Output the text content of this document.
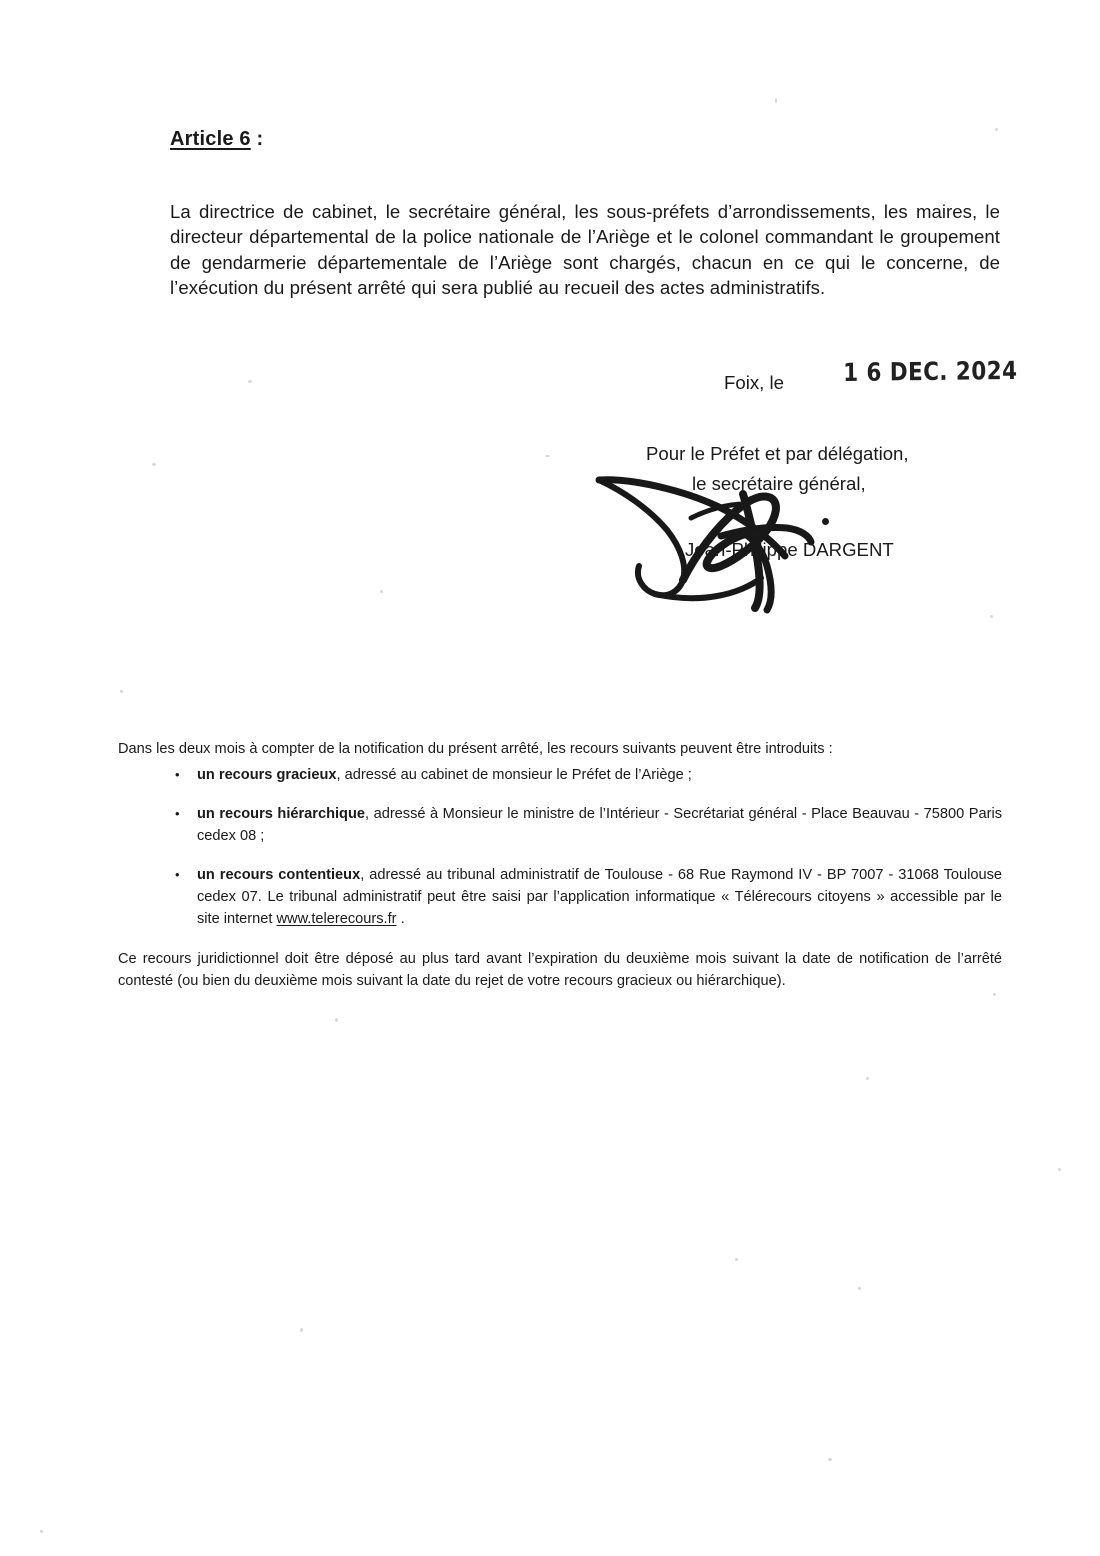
Article 6 :

La directrice de cabinet, le secrétaire général, les sous-préfets d’arrondissements, les maires, le directeur départemental de la police nationale de l’Ariège et le colonel commandant le groupement de gendarmerie départementale de l’Ariège sont chargés, chacun en ce qui le concerne, de l’exécution du présent arrêté qui sera publié au recueil des actes administratifs.

Foix, le 1 6 DEC. 2024
Pour le Préfet et par délégation,
le secrétaire général,
Jean-Philippe DARGENT
Dans les deux mois à compter de la notification du présent arrêté, les recours suivants peuvent être introduits :
• un recours gracieux, adressé au cabinet de monsieur le Préfet de l’Ariège ;
• un recours hiérarchique, adressé à Monsieur le ministre de l’Intérieur - Secrétariat général - Place Beauvau - 75800 Paris cedex 08 ;
• un recours contentieux, adressé au tribunal administratif de Toulouse - 68 Rue Raymond IV - BP 7007 - 31068 Toulouse cedex 07. Le tribunal administratif peut être saisi par l’application informatique « Télérecours citoyens » accessible par le site internet www.telerecours.fr .
Ce recours juridictionnel doit être déposé au plus tard avant l’expiration du deuxième mois suivant la date de notification de l’arrêté contesté (ou bien du deuxième mois suivant la date du rejet de votre recours gracieux ou hiérarchique).
